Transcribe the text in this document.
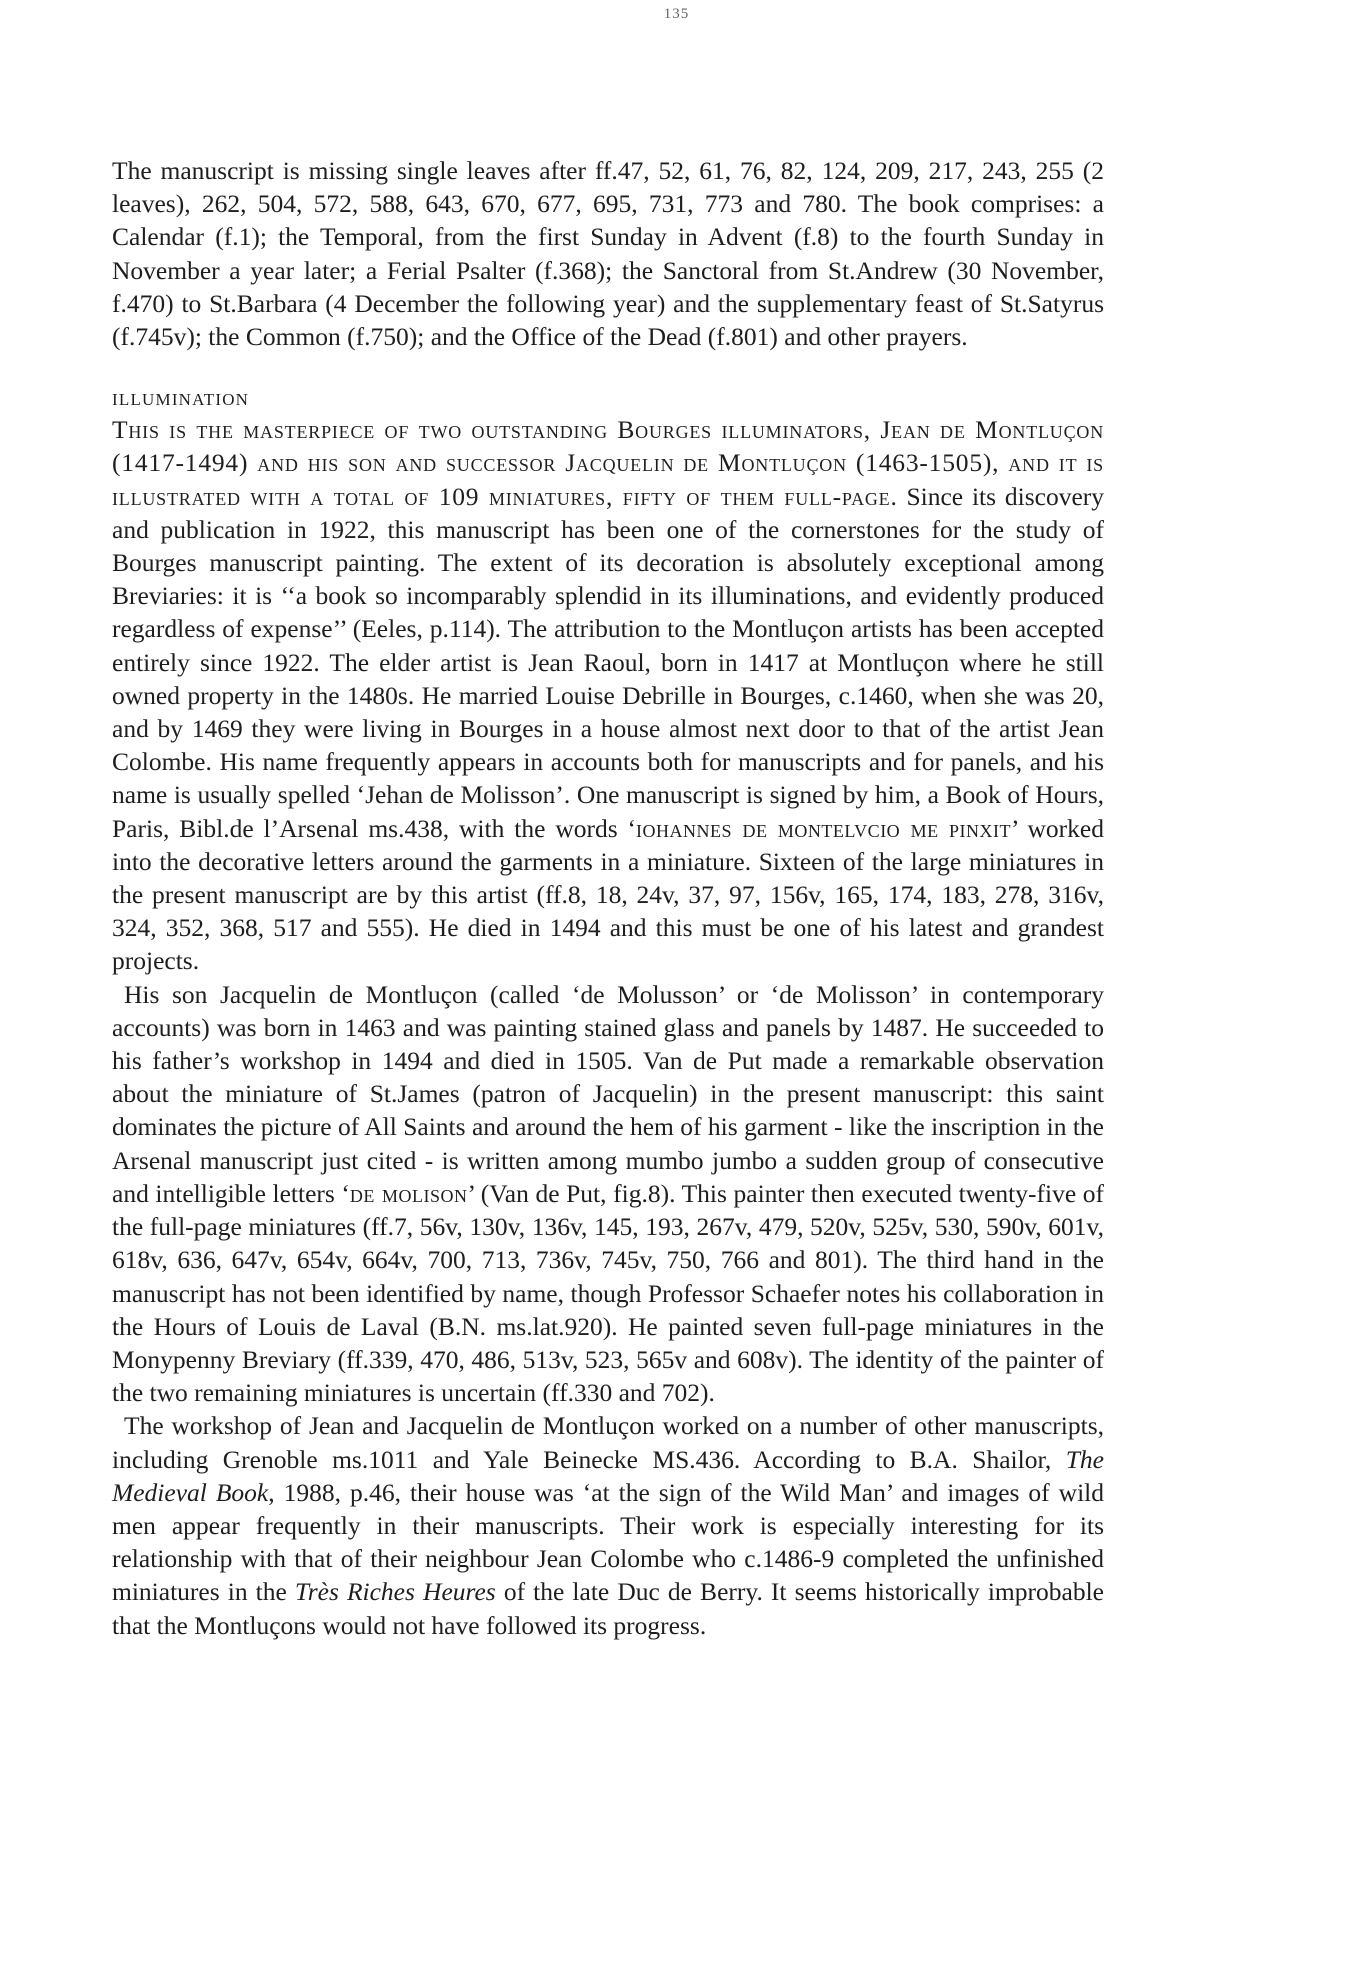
135

The manuscript is missing single leaves after ff.47, 52, 61, 76, 82, 124, 209, 217, 243, 255 (2 leaves), 262, 504, 572, 588, 643, 670, 677, 695, 731, 773 and 780. The book comprises: a Calendar (f.1); the Temporal, from the first Sunday in Advent (f.8) to the fourth Sunday in November a year later; a Ferial Psalter (f.368); the Sanctoral from St.Andrew (30 November, f.470) to St.Barbara (4 December the following year) and the supplementary feast of St.Satyrus (f.745v); the Common (f.750); and the Office of the Dead (f.801) and other prayers.

ILLUMINATION

This is the masterpiece of two outstanding Bourges illuminators, Jean de Montluçon (1417-1494) and his son and successor Jacquelin de Montluçon (1463-1505), and it is illustrated with a total of 109 miniatures, fifty of them full-page. Since its discovery and publication in 1922, this manuscript has been one of the cornerstones for the study of Bourges manuscript painting. The extent of its decoration is absolutely exceptional among Breviaries: it is ‘‘a book so incomparably splendid in its illuminations, and evidently produced regardless of expense’’ (Eeles, p.114). The attribution to the Montluçon artists has been accepted entirely since 1922. The elder artist is Jean Raoul, born in 1417 at Montluçon where he still owned property in the 1480s. He married Louise Debrille in Bourges, c.1460, when she was 20, and by 1469 they were living in Bourges in a house almost next door to that of the artist Jean Colombe. His name frequently appears in accounts both for manuscripts and for panels, and his name is usually spelled ‘Jehan de Molisson’. One manuscript is signed by him, a Book of Hours, Paris, Bibl.de l’Arsenal ms.438, with the words ‘iohannes de montelvcio me pinxit’ worked into the decorative letters around the garments in a miniature. Sixteen of the large miniatures in the present manuscript are by this artist (ff.8, 18, 24v, 37, 97, 156v, 165, 174, 183, 278, 316v, 324, 352, 368, 517 and 555). He died in 1494 and this must be one of his latest and grandest projects.

His son Jacquelin de Montluçon (called ‘de Molusson’ or ‘de Molisson’ in contemporary accounts) was born in 1463 and was painting stained glass and panels by 1487. He succeeded to his father’s workshop in 1494 and died in 1505. Van de Put made a remarkable observation about the miniature of St.James (patron of Jacquelin) in the present manuscript: this saint dominates the picture of All Saints and around the hem of his garment - like the inscription in the Arsenal manuscript just cited - is written among mumbo jumbo a sudden group of consecutive and intelligible letters ‘de molison’ (Van de Put, fig.8). This painter then executed twenty-five of the full-page miniatures (ff.7, 56v, 130v, 136v, 145, 193, 267v, 479, 520v, 525v, 530, 590v, 601v, 618v, 636, 647v, 654v, 664v, 700, 713, 736v, 745v, 750, 766 and 801). The third hand in the manuscript has not been identified by name, though Professor Schaefer notes his collaboration in the Hours of Louis de Laval (B.N. ms.lat.920). He painted seven full-page miniatures in the Monypenny Breviary (ff.339, 470, 486, 513v, 523, 565v and 608v). The identity of the painter of the two remaining miniatures is uncertain (ff.330 and 702).

The workshop of Jean and Jacquelin de Montluçon worked on a number of other manuscripts, including Grenoble ms.1011 and Yale Beinecke MS.436. According to B.A. Shailor, The Medieval Book, 1988, p.46, their house was ‘at the sign of the Wild Man’ and images of wild men appear frequently in their manuscripts. Their work is especially interesting for its relationship with that of their neighbour Jean Colombe who c.1486-9 completed the unfinished miniatures in the Très Riches Heures of the late Duc de Berry. It seems historically improbable that the Montluçons would not have followed its progress.
